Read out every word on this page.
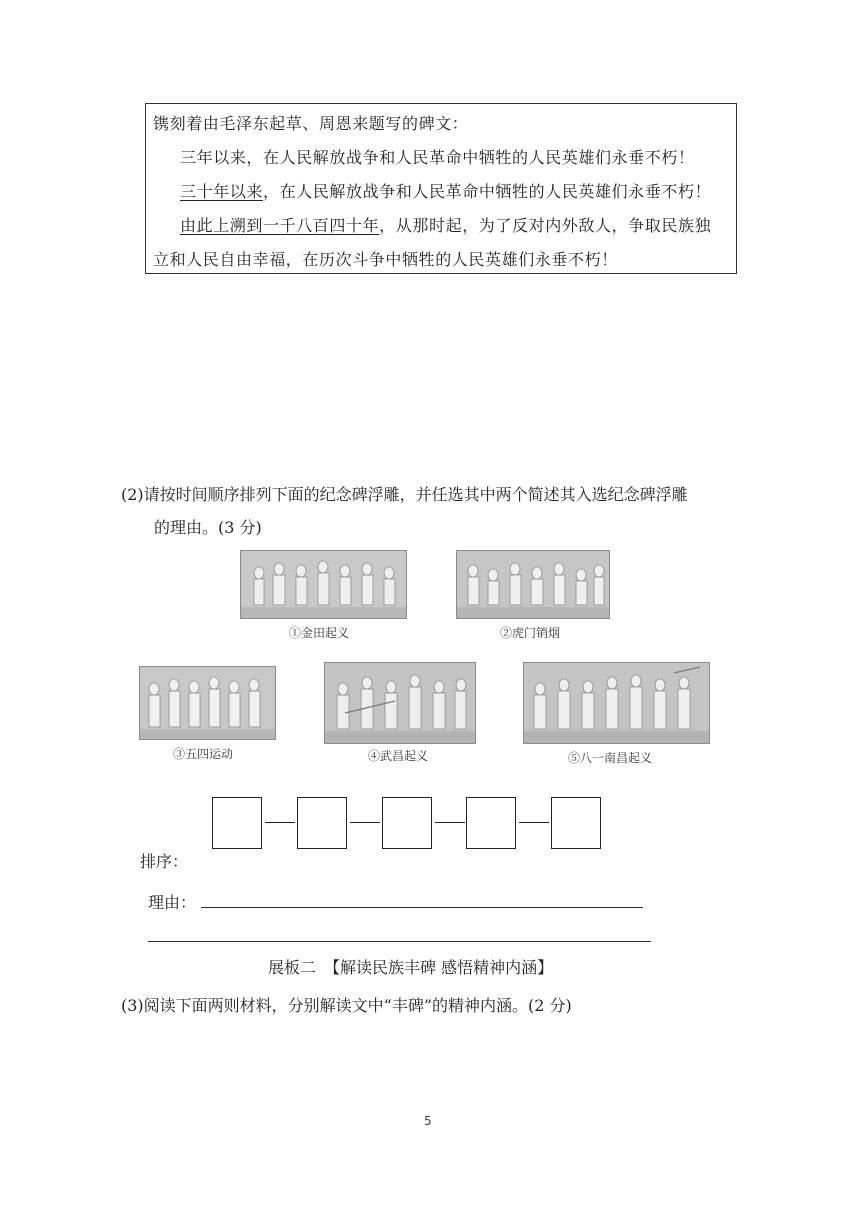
镌刻着由毛泽东起草、周恩来题写的碑文：
三年以来，在人民解放战争和人民革命中牺牲的人民英雄们永垂不朽！
三十年以来，在人民解放战争和人民革命中牺牲的人民英雄们永垂不朽！
由此上溯到一千八百四十年，从那时起，为了反对内外敌人，争取民族独
立和人民自由幸福，在历次斗争中牺牲的人民英雄们永垂不朽！
(2)请按时间顺序排列下面的纪念碑浮雕，并任选其中两个简述其入选纪念碑浮雕
的理由。(3 分)
①金田起义	②虎门销烟
③五四运动	④武昌起义	⑤八一南昌起义
排序：
理由：
展板二　【解读民族丰碑 感悟精神内涵】
(3)阅读下面两则材料，分别解读文中“丰碑”的精神内涵。(2 分)
5
